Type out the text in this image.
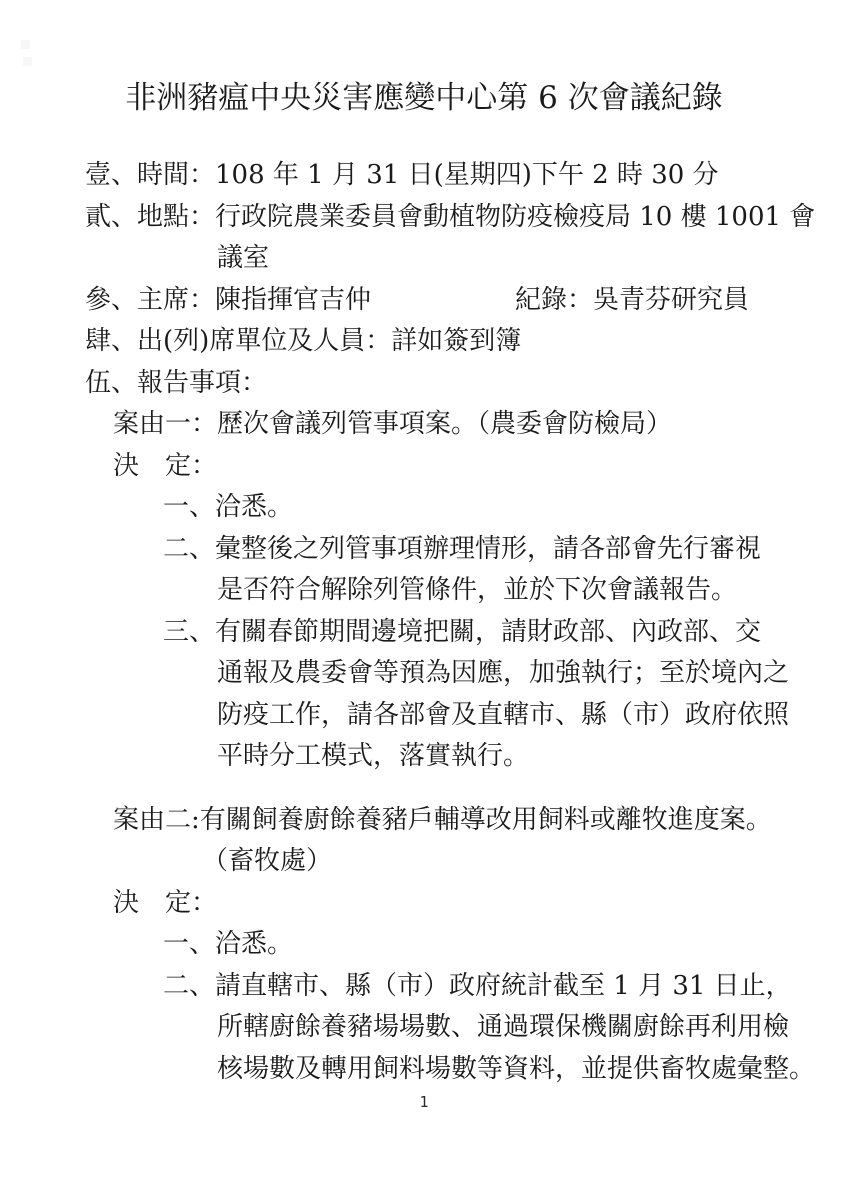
非洲豬瘟中央災害應變中心第 6 次會議紀錄
壹、時間：108 年 1 月 31 日(星期四)下午 2 時 30 分
貳、地點：行政院農業委員會動植物防疫檢疫局 10 樓 1001 會
議室
參、主席：陳指揮官吉仲	紀錄：吳青芬研究員
肆、出(列)席單位及人員：詳如簽到簿
伍、報告事項：
案由一：歷次會議列管事項案。（農委會防檢局）
決　定：
一、洽悉。
二、彙整後之列管事項辦理情形，請各部會先行審視
是否符合解除列管條件，並於下次會議報告。
三、有關春節期間邊境把關，請財政部、內政部、交
通報及農委會等預為因應，加強執行；至於境內之
防疫工作，請各部會及直轄市、縣（市）政府依照
平時分工模式，落實執行。
案由二:有關飼養廚餘養豬戶輔導改用飼料或離牧進度案。
（畜牧處）
決　定：
一、洽悉。
二、請直轄市、縣（市）政府統計截至 1 月 31 日止，
所轄廚餘養豬場場數、通過環保機關廚餘再利用檢
核場數及轉用飼料場數等資料，並提供畜牧處彙整。
1
